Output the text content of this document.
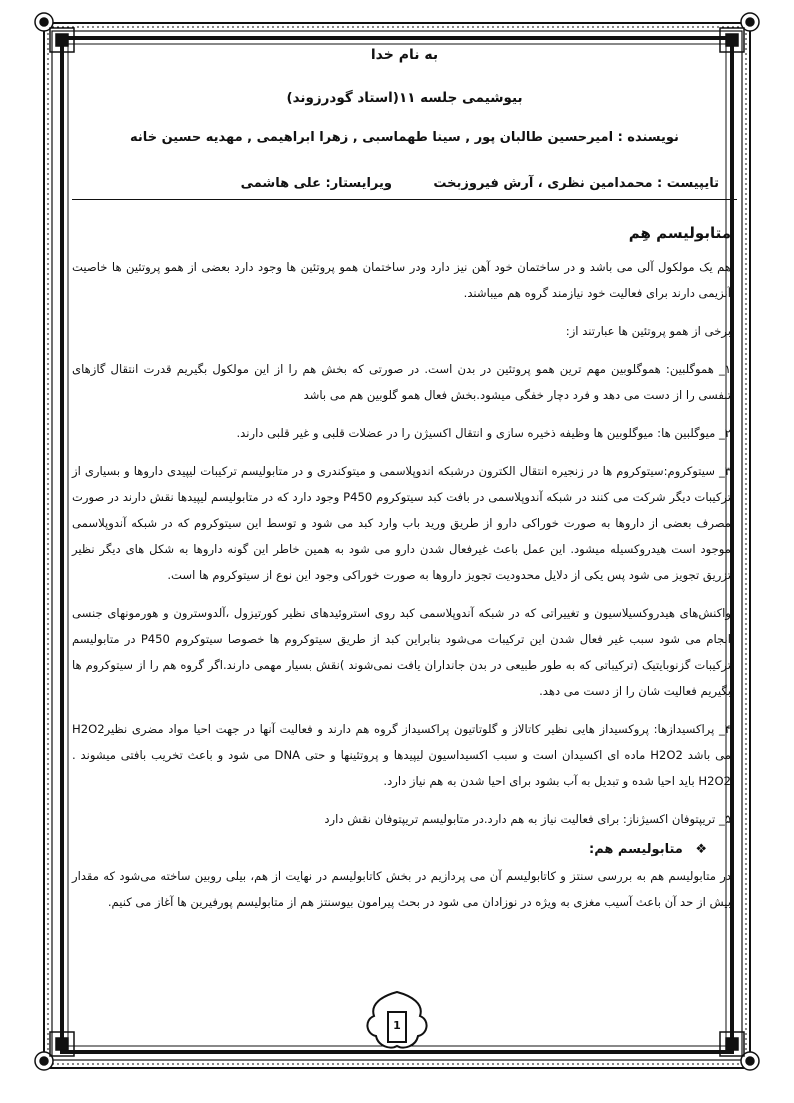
به نام خدا
بیوشیمی جلسه ۱۱(استاد گودرزوند)
نویسنده : امیرحسین طالبان پور , سینا طهماسبی , زهرا ابراهیمی , مهدیه حسین خانه
تایپیست : محمدامین نظری ، آرش فیروزبخت
ویرایستار: علی هاشمی
متابولیسم هِم

هم یک مولکول آلی می باشد و در ساختمان خود آهن نیز دارد ودر ساختمان همو پروتئین ها وجود دارد بعضی از همو پروتئین ها خاصیت آنزیمی دارند برای فعالیت خود نیازمند گروه هم میباشند.

برخی از همو پروتئین ها عبارتند از:

۱_ هموگلبین: هموگلوبین مهم ترین همو پروتئین در بدن است. در صورتی که بخش هم را از این مولکول بگیریم قدرت انتقال گازهای تنفسی را از دست می دهد و فرد دچار خفگی میشود.بخش فعال همو گلوبین هم می باشد

۲_ میوگلبین ها: میوگلوبین ها وظیفه ذخیره سازی و انتقال اکسیژن را در عضلات قلبی و غیر قلبی دارند.

۳_ سیتوکروم:سیتوکروم ها در زنجیره انتقال الکترون درشبکه اندوپلاسمی و میتوکندری و در متابولیسم ترکیبات لیپیدی داروها و بسیاری از ترکیبات دیگر شرکت می کنند در شبکه آندوپلاسمی در بافت کبد سیتوکروم P450 وجود دارد که در متابولیسم لیپیدها نقش دارند در صورت مصرف بعضی از داروها به صورت خوراکی دارو از طریق ورید باب وارد کبد می شود و توسط این سیتوکروم که در شبکه آندوپلاسمی موجود است هیدروکسیله میشود. این عمل باعث غیرفعال شدن دارو می شود به همین خاطر این گونه داروها به شکل های دیگر نظیر تزریق تجویز می شود پس یکی از دلایل محدودیت تجویز داروها به صورت خوراکی وجود این نوع از سیتوکروم ها است.

واکنش‌های هیدروکسیلاسیون و تغییراتی که در شبکه آندوپلاسمی کبد روی استروئیدهای نظیر کورتیزول ،آلدوسترون و هورمونهای جنسی انجام می شود سبب غیر فعال شدن این ترکیبات می‌شود بنابراین کبد از طریق سیتوکروم ها خصوصا سیتوکروم P450 در متابولیسم ترکیبات گزنوبایتیک (ترکیباتی که به طور طبیعی در بدن جانداران یافت نمی‌شوند )نقش بسیار مهمی دارند.اگر گروه هم را از سیتوکروم ها بگیریم فعالیت شان را از دست می دهد.

۴_ پراکسیدازها: پروکسیداز هایی نظیر کاتالاز و گلوتاتیون پراکسیداز گروه هم دارند و فعالیت آنها در جهت احیا مواد مضری نظیرH2O2 می باشد H2O2 ماده ای اکسیدان است و سبب اکسیداسیون لیپیدها و پروتئینها و حتی DNA می شود و باعث تخریب بافتی میشوند . H2O2 باید احیا شده و تبدیل به آب بشود برای احیا شدن به هم نیاز دارد.

۵_ تریپتوفان اکسیژناز: برای فعالیت نیاز به هم دارد.در متابولیسم تریپتوفان نقش دارد

❖ متابولیسم هم:

در متابولیسم هم به بررسی سنتز و کاتابولیسم آن می پردازیم در بخش کاتابولیسم در نهایت از هم، بیلی روبین ساخته می‌شود که مقدار بیش از حد آن باعث آسیب مغزی به ویژه در نوزادان می شود در بحث پیرامون بیوسنتز هم از متابولیسم پورفیرین ها آغاز می کنیم.

1
